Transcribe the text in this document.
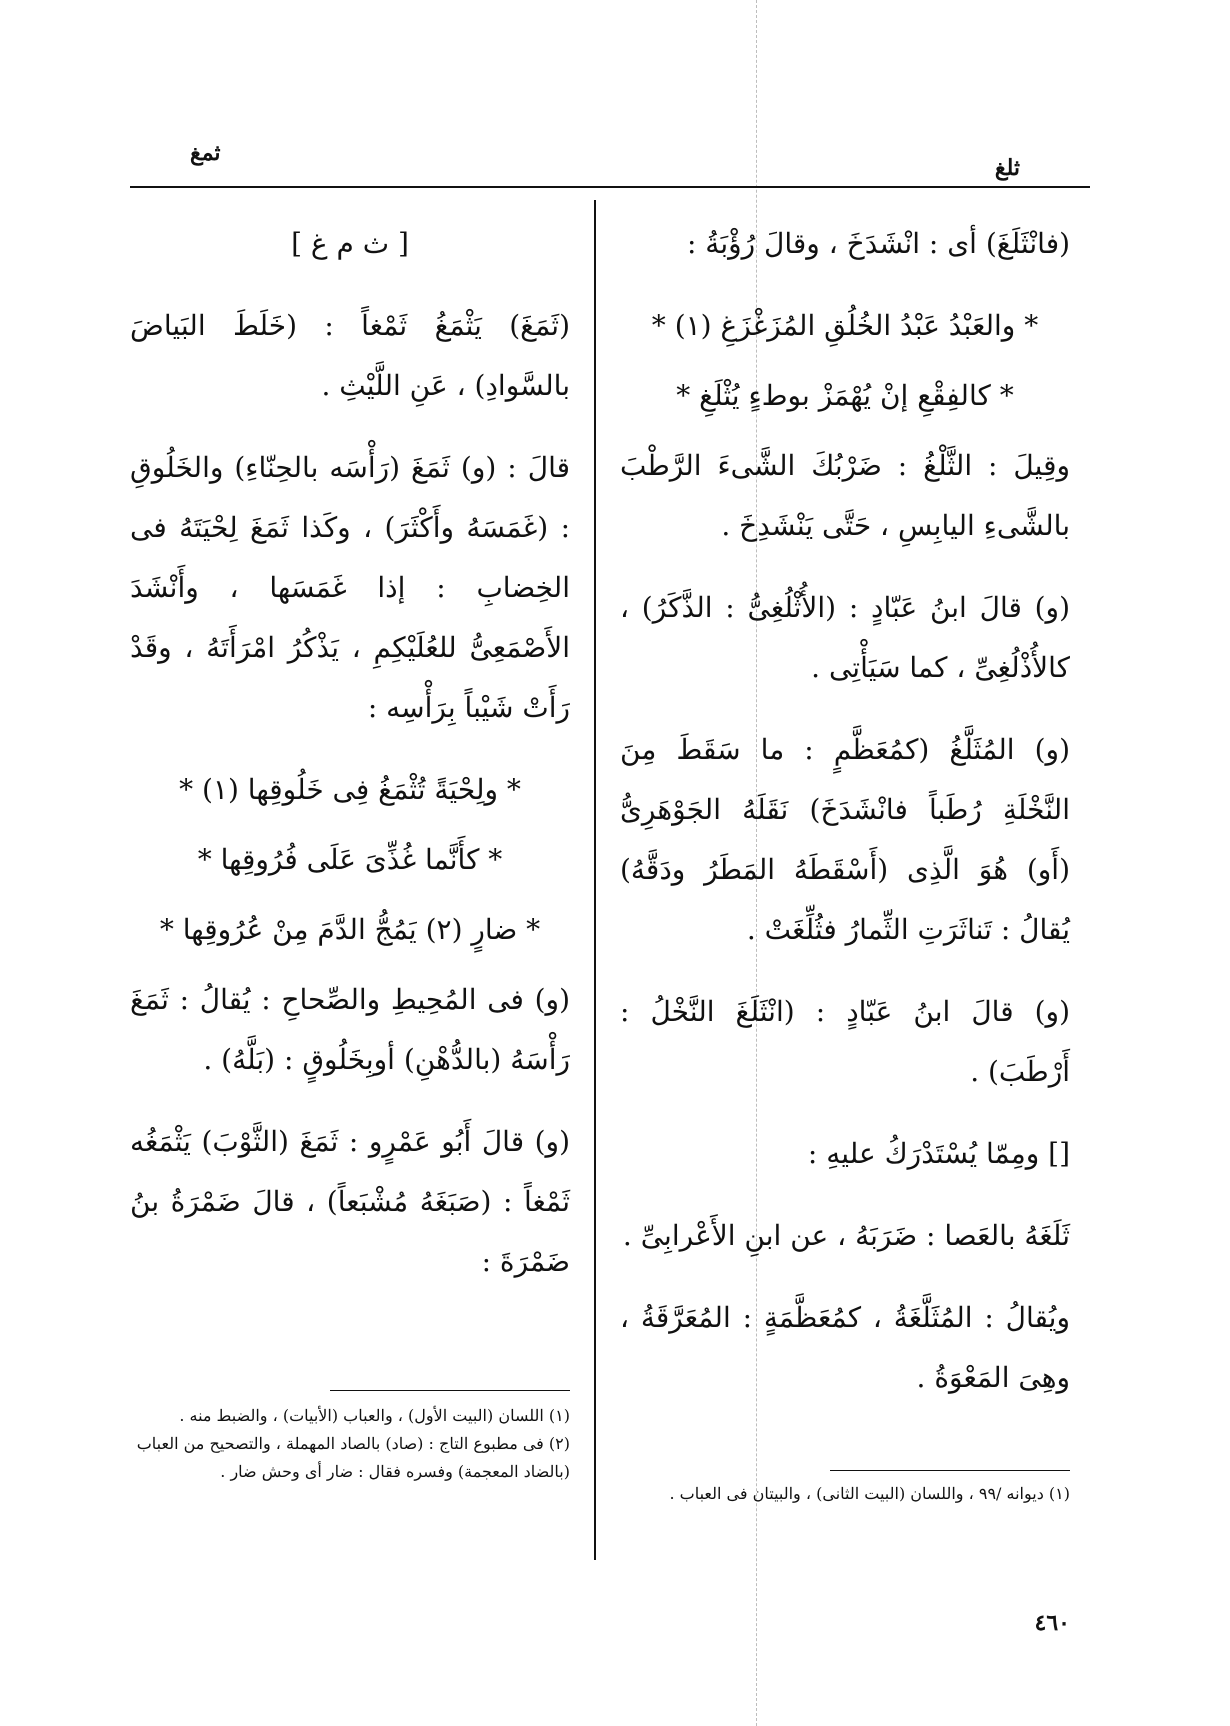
ثلغ
ثمغ

(فانْثَلَغَ) أى : انْشَدَخَ ، وقالَ رُؤْبَةُ :

* والعَبْدُ عَبْدُ الخُلُقِ المُزَغْزَغِ (١) *

* كالفِقْعِ إنْ يُهْمَزْ بوطءٍ يُثْلَغِ *

وقِيلَ : الثَّلْغُ : ضَرْبُكَ الشَّىءَ الرَّطْبَ بالشَّىءِ اليابِسِ ، حَتَّى يَنْشَدِخَ .

(و) قالَ ابنُ عَبّادٍ : (الأُثْلُغِىُّ : الذَّكَرُ) ، كالأُذْلُغِىِّ ، كما سَيَأْتِى .

(و) المُثَلَّغُ (كمُعَظَّمٍ : ما سَقَطَ مِنَ النَّخْلَةِ رُطَباً فانْشَدَخَ) نَقَلَهُ الجَوْهَرِىُّ (أَو) هُوَ الَّذِى (أَسْقَطَهُ المَطَرُ ودَقَّهُ) يُقالُ : تَناثَرَتِ الثِّمارُ فثُلِّغَتْ .

(و) قالَ ابنُ عَبّادٍ : (انْثَلَغَ النَّخْلُ : أَرْطَبَ) .

[] ومِمّا يُسْتَدْرَكُ عليهِ :

ثَلَغَهُ بالعَصا : ضَرَبَهُ ، عن ابنِ الأَعْرابِىِّ .

ويُقالُ : المُثَلَّغَةُ ، كمُعَظَّمَةٍ : المُعَرَّقَةُ ، وهِىَ المَعْوَةُ .

[ ث م غ ]

(ثَمَغَ) يَثْمَغُ ثَمْغاً : (خَلَطَ البَياضَ بالسَّوادِ) ، عَنِ اللَّيْثِ .

قالَ : (و) ثَمَغَ (رَأْسَه بالحِنّاءِ) والخَلُوقِ : (غَمَسَهُ وأَكْثَرَ) ، وكَذا ثَمَغَ لِحْيَتَهُ فى الخِضابِ : إذا غَمَسَها ، وأَنْشَدَ الأَصْمَعِىُّ للعُلَيْكِمِ ، يَذْكُرُ امْرَأَتَهُ ، وقَدْ رَأَتْ شَيْباً بِرَأْسِه :

* ولِحْيَةً تُثْمَغُ فِى خَلُوقِها (١) *

* كأَنَّما غُذِّىَ عَلَى فُرُوقِها *

* ضارٍ (٢) يَمُجُّ الدَّمَ مِنْ عُرُوقِها *

(و) فى المُحِيطِ والصِّحاحِ : يُقالُ : ثَمَغَ رَأْسَهُ (بالدُّهْنِ) أوبِخَلُوقٍ : (بَلَّهُ) .

(و) قالَ أَبُو عَمْرٍو : ثَمَغَ (الثَّوْبَ) يَثْمَغُه ثَمْغاً : (صَبَغَهُ مُشْبَعاً) ، قالَ ضَمْرَةُ بنُ ضَمْرَةَ :

(١) ديوانه /٩٩ ، واللسان (البيت الثانى) ، والبيتان فى العباب .

(١) اللسان (البيت الأول) ، والعباب (الأبيات) ، والضبط منه .

(٢) فى مطبوع التاج : (صاد) بالصاد المهملة ، والتصحيح من العباب (بالضاد المعجمة) وفسره فقال : ضار أى وحش ضار .

٤٦٠
